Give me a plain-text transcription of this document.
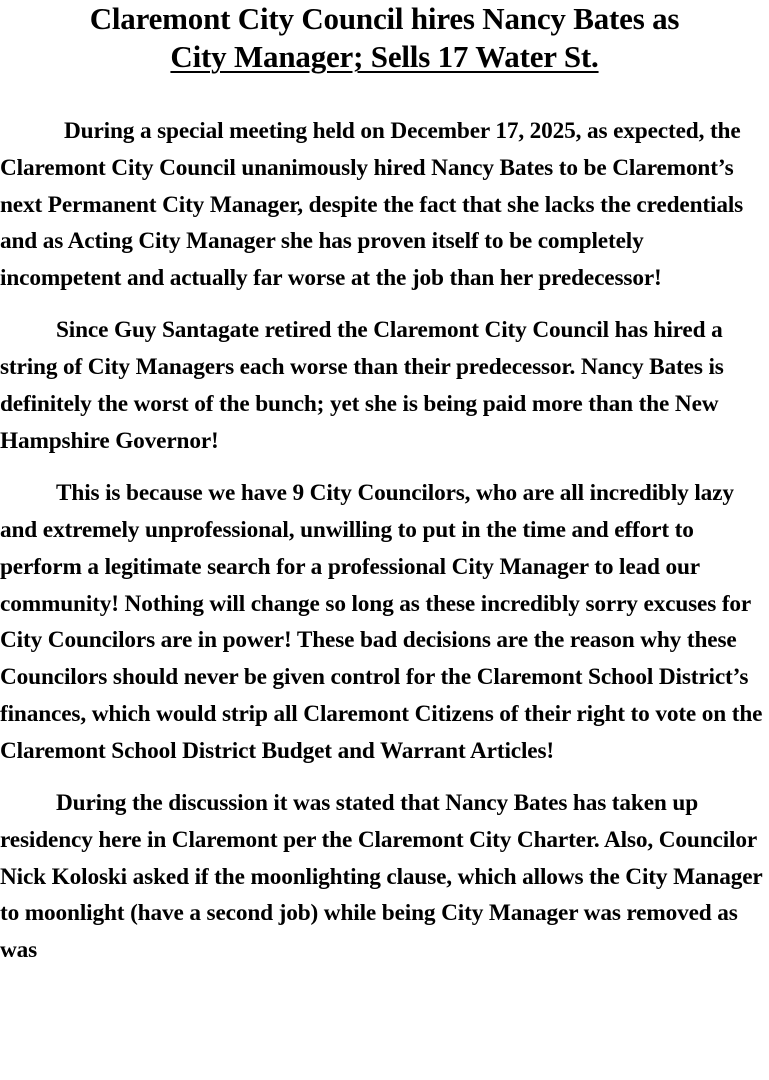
Claremont City Council hires Nancy Bates as
City Manager; Sells 17 Water St.

During a special meeting held on December 17, 2025, as expected, the Claremont City Council unanimously hired Nancy Bates to be Claremont’s next Permanent City Manager, despite the fact that she lacks the credentials and as Acting City Manager she has proven itself to be completely incompetent and actually far worse at the job than her predecessor!

Since Guy Santagate retired the Claremont City Council has hired a string of City Managers each worse than their predecessor. Nancy Bates is definitely the worst of the bunch; yet she is being paid more than the New Hampshire Governor!

This is because we have 9 City Councilors, who are all incredibly lazy and extremely unprofessional, unwilling to put in the time and effort to perform a legitimate search for a professional City Manager to lead our community! Nothing will change so long as these incredibly sorry excuses for City Councilors are in power! These bad decisions are the reason why these Councilors should never be given control for the Claremont School District’s finances, which would strip all Claremont Citizens of their right to vote on the Claremont School District Budget and Warrant Articles!

During the discussion it was stated that Nancy Bates has taken up residency here in Claremont per the Claremont City Charter. Also, Councilor Nick Koloski asked if the moonlighting clause, which allows the City Manager to moonlight (have a second job) while being City Manager was removed as was
